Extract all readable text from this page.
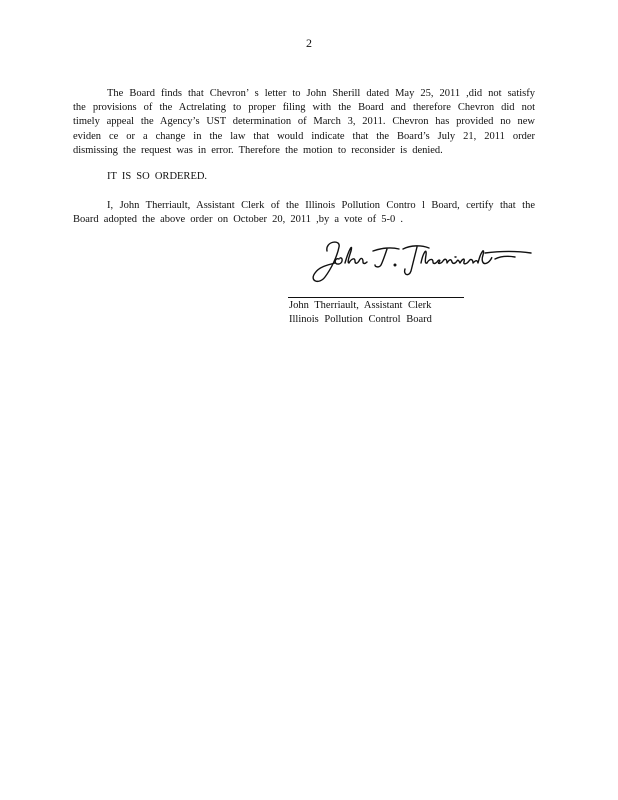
2

The Board finds that Chevron’ s letter to John Sherill dated May 25, 2011 ,did not satisfy the provisions of the Actrelating to proper filing with the Board and therefore Chevron did not timely appeal the Agency’s UST determination of March 3, 2011. Chevron has provided no new eviden ce or a change in the law that would indicate that the Board’s July 21, 2011 order dismissing the request was in error. Therefore the motion to reconsider is denied.

IT IS SO ORDERED.

I, John Therriault, Assistant Clerk of the Illinois Pollution Contro l Board, certify that the Board adopted the above order on October 20, 2011 ,by a vote of 5-0 .

John Therriault, Assistant Clerk
Illinois Pollution Control Board
